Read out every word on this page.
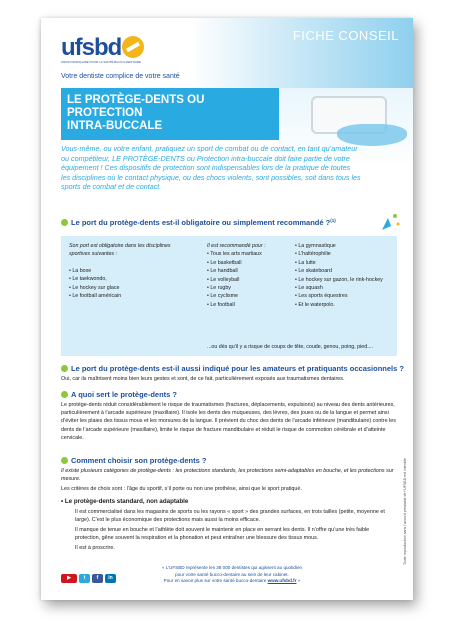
FICHE CONSEIL
ufsbd
UNION FRANÇAISE POUR LA SANTÉ BUCCO-DENTAIRE
Votre dentiste complice de votre santé
LE PROTÈGE-DENTS OU PROTECTION
INTRA-BUCCALE
Vous-même, ou votre enfant, pratiquez un sport de combat ou de contact, en tant qu’amateur ou compétiteur, LE PROTÈGE-DENTS ou Protection intra-buccale doit faire partie de votre équipement ! Ces dispositifs de protection sont indispensables lors de la pratique de toutes les disciplines où le contact physique, ou des chocs violents, sont possibles, soit dans tous les sports de combat et de contact.
Le port du protège-dents est-il obligatoire ou simplement recommandé ?$^{(1)}$
Son port est obligatoire dans les disciplines sportives suivantes :
• La boxe
• Le taekwondo,
• Le hockey sur glace
• Le football américain
Il est recommandé pour :
• Tous les arts martiaux
• Le basketball
• Le handball
• Le volleyball
• Le rugby
• Le cyclisme
• Le football
• La gymnastique
• L’haltérophilie
• La lutte
• Le skateboard
• Le hockey sur gazon, le rink-hockey
• Le squash
• Les sports équestres
• Et le waterpolo.
...ou dès qu’il y a risque de coups de tête, coude, genou, poing, pied....
Le port du protège-dents est-il aussi indiqué pour les amateurs et pratiquants occasionnels ?
Oui, car ils maîtrisent moins bien leurs gestes et sont, de ce fait, particulièrement exposés aux traumatismes dentaires.
A quoi sert le protège-dents ?
Le protège-dents réduit considérablement le risque de traumatismes (fractures, déplacements, expulsions) au niveau des dents antérieures, particulièrement à l’arcade supérieure (maxillaire). Il isole les dents des muqueuses, des lèvres, des joues ou de la langue et permet ainsi d’éviter les plaies des tissus mous et les morsures de la langue. Il prévient du choc des dents de l’arcade inférieure (mandibulaire) contre les dents de l’arcade supérieure (maxillaire), limite le risque de fracture mandibulaire et réduit le risque de commotion cérébrale et d’atteinte cervicale.
Comment choisir son protège-dents ?
Il existe plusieurs catégories de protège-dents : les protections standards, les protections semi-adaptables en bouche, et les protections sur mesure.
Les critères de choix sont : l’âge du sportif, s’il porte ou non une prothèse, ainsi que le sport pratiqué.
• Le protège-dents standard, non adaptable
Il est commercialisé dans les magasins de sports ou les rayons « sport » des grandes surfaces, en trois tailles (petite, moyenne et large). C’est le plus économique des protections mais aussi la moins efficace.
Il manque de tenue en bouche et l’athlète doit souvent le maintenir en place en serrant les dents. Il n’offre qu’une très faible protection, gêne souvent la respiration et la phonation et peut entraîner une blessure des tissus mous.
Il est à proscrire.	Toute reproduction sans l’accord préalable de l’UFSBD est interdite
▶	t f in
« L’UFSBD représente les 38 000 dentistes qui agissent au quotidien
pour votre santé bucco-dentaire au sein de leur cabinet.
Pour en savoir plus sur votre santé bucco-dentaire www.ufsbd.fr »
